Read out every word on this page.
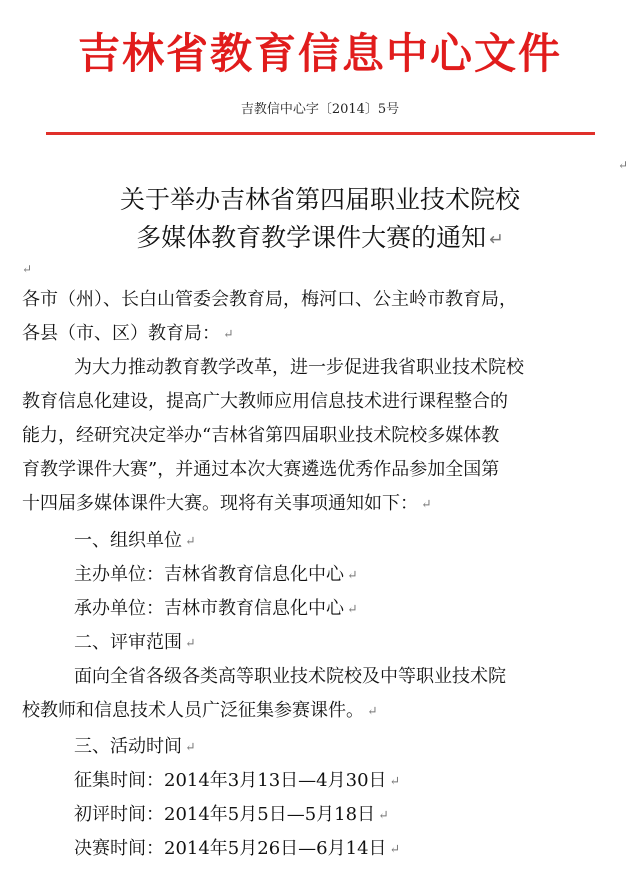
吉林省教育信息中心文件
吉教信中心字〔2014〕5号
↵
关于举办吉林省第四届职业技术院校
多媒体教育教学课件大赛的通知 ↵
↵
各市（州）、长白山管委会教育局，梅河口、公主岭市教育局，
各县（市、区）教育局： ↵
为大力推动教育教学改革，进一步促进我省职业技术院校
教育信息化建设，提高广大教师应用信息技术进行课程整合的
能力，经研究决定举办“吉林省第四届职业技术院校多媒体教
育教学课件大赛”，并通过本次大赛遴选优秀作品参加全国第
十四届多媒体课件大赛。现将有关事项通知如下： ↵
一、组织单位 ↵
主办单位：吉林省教育信息化中心 ↵
承办单位：吉林市教育信息化中心 ↵
二、评审范围 ↵
面向全省各级各类高等职业技术院校及中等职业技术院
校教师和信息技术人员广泛征集参赛课件。 ↵
三、活动时间 ↵
征集时间：2014年3月13日—4月30日 ↵
初评时间：2014年5月5日—5月18日 ↵
决赛时间：2014年5月26日—6月14日 ↵
